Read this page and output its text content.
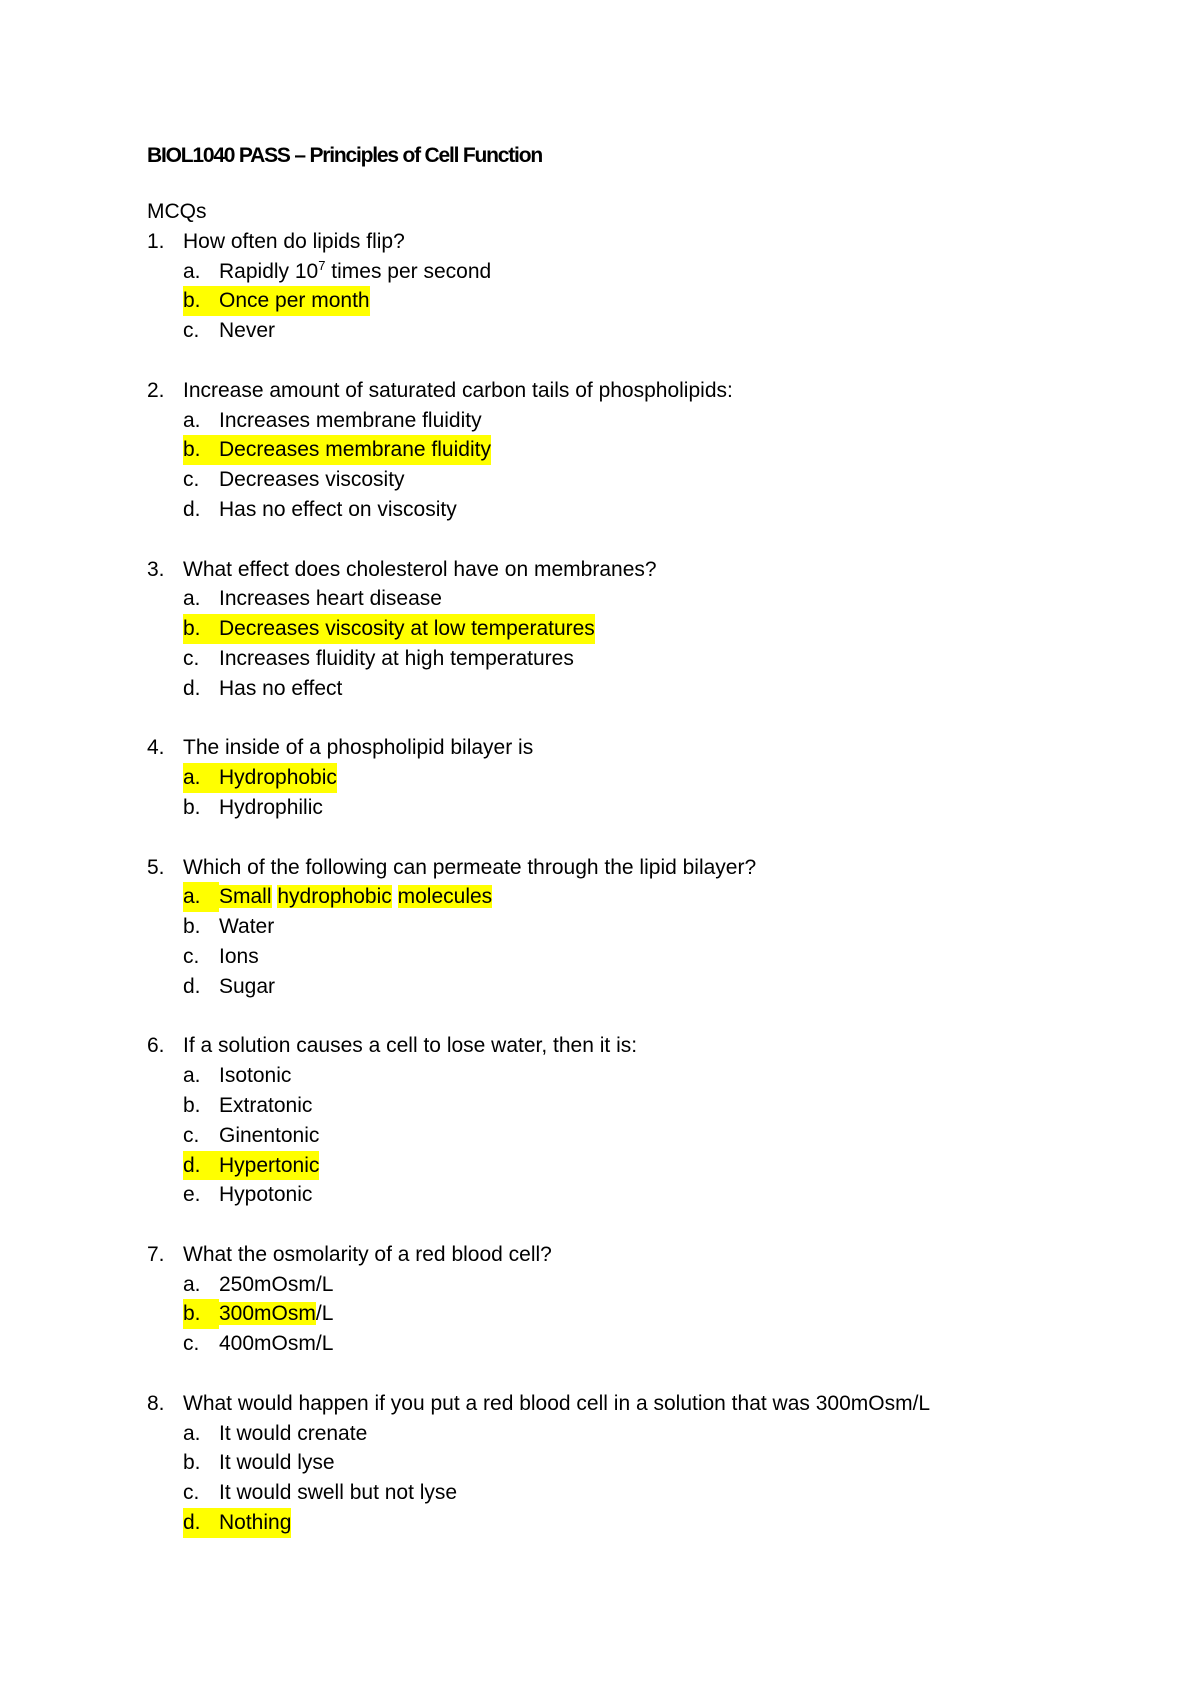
BIOL1040 PASS – Principles of Cell Function
MCQs
1. How often do lipids flip?
a. Rapidly $10^7$ times per second
b. Once per month
c. Never
2. Increase amount of saturated carbon tails of phospholipids:
a. Increases membrane fluidity
b. Decreases membrane fluidity
c. Decreases viscosity
d. Has no effect on viscosity
3. What effect does cholesterol have on membranes?
a. Increases heart disease
b. Decreases viscosity at low temperatures
c. Increases fluidity at high temperatures
d. Has no effect
4. The inside of a phospholipid bilayer is
a. Hydrophobic
b. Hydrophilic
5. Which of the following can permeate through the lipid bilayer?
a. Small hydrophobic molecules
b. Water
c. Ions
d. Sugar
6. If a solution causes a cell to lose water, then it is:
a. Isotonic
b. Extratonic
c. Ginentonic
d. Hypertonic
e. Hypotonic
7. What the osmolarity of a red blood cell?
a. 250mOsm/L
b. 300mOsm/L
c. 400mOsm/L
8. What would happen if you put a red blood cell in a solution that was 300mOsm/L
a. It would crenate
b. It would lyse
c. It would swell but not lyse
d. Nothing
